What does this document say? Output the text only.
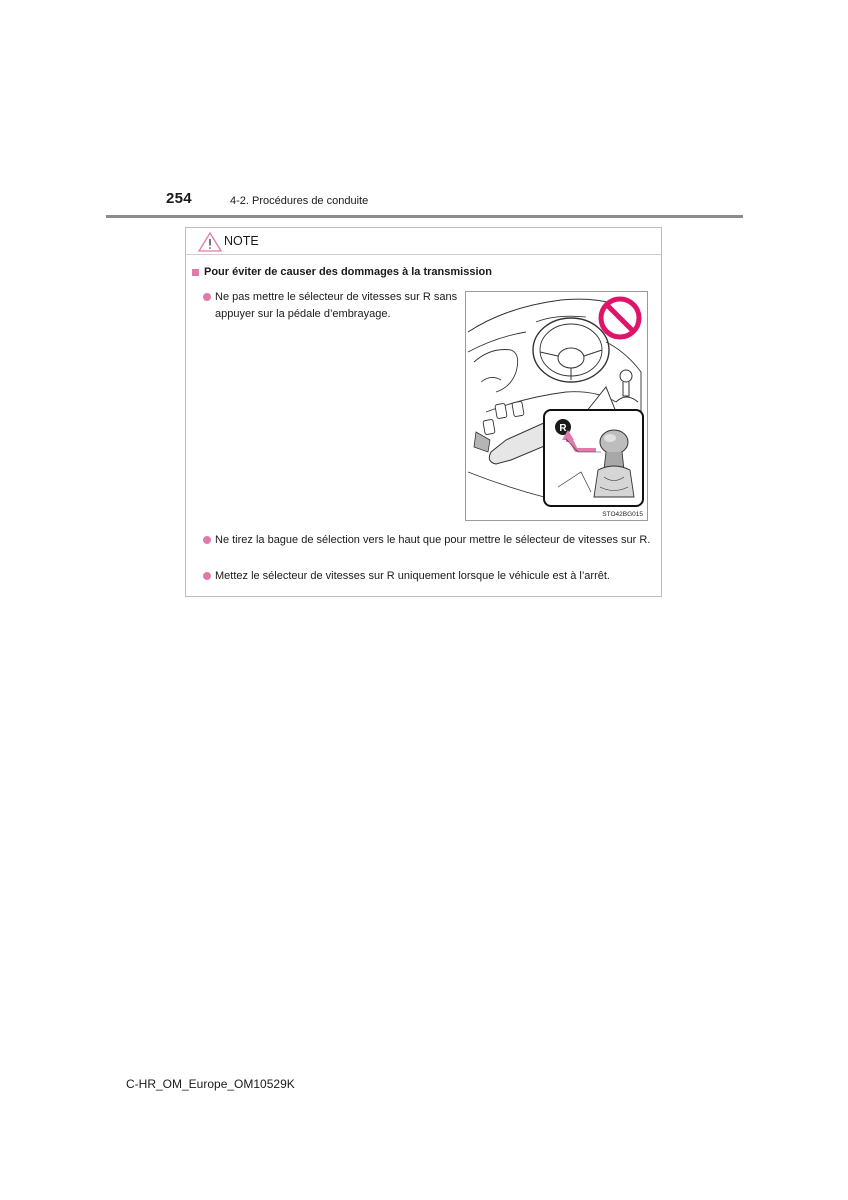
254	4-2. Procédures de conduite
NOTE
Pour éviter de causer des dommages à la transmission
Ne pas mettre le sélecteur de vitesses sur R sans appuyer sur la pédale d’embrayage.
R
STO42BG015
Ne tirez la bague de sélection vers le haut que pour mettre le sélecteur de vitesses sur R.
Mettez le sélecteur de vitesses sur R uniquement lorsque le véhicule est à l’arrêt.
C-HR_OM_Europe_OM10529K
